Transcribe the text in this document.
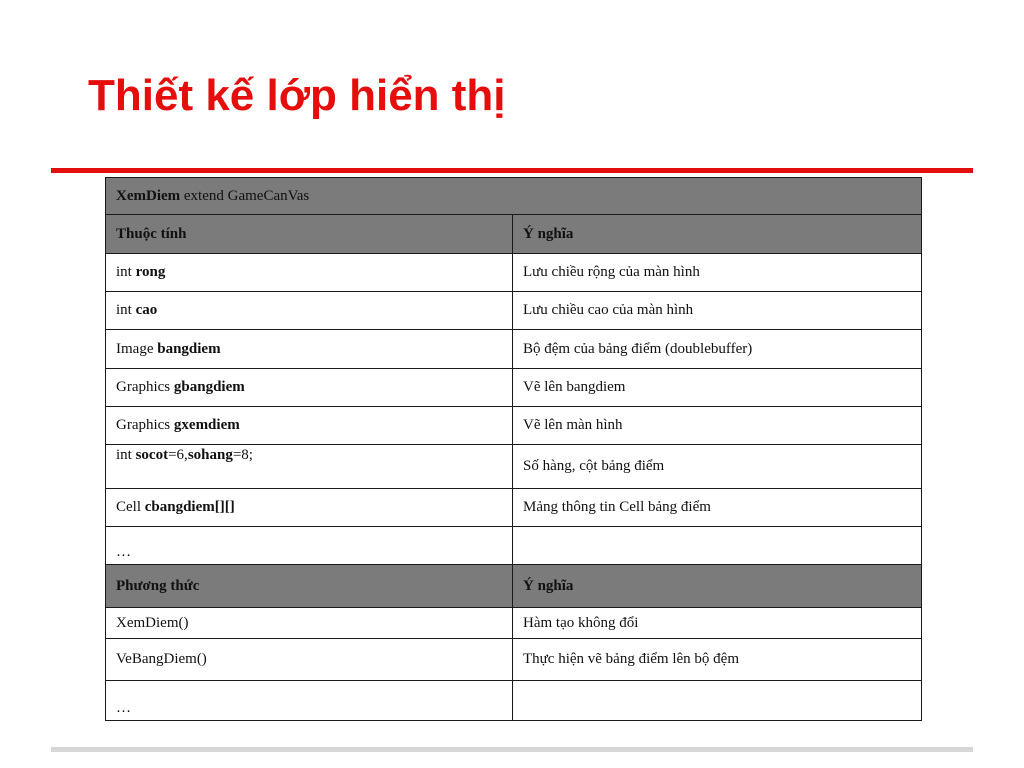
Thiết kế lớp hiển thị
XemDiem extend GameCanVas	
Thuộc tính	Ý nghĩa
int rong	Lưu chiều rộng của màn hình
int cao	Lưu chiều cao của màn hình
Image bangdiem	Bộ đệm của bảng điểm (doublebuffer)
Graphics gbangdiem	Vẽ lên bangdiem
Graphics gxemdiem	Vẽ lên màn hình
int socot=6,sohang=8;	Số hàng, cột bảng điểm
Cell cbangdiem[][]	Mảng thông tin Cell bảng điểm
…	
Phương thức	Ý nghĩa
XemDiem()	Hàm tạo không đổi
VeBangDiem()	Thực hiện vẽ bảng điểm lên bộ đệm
…	
